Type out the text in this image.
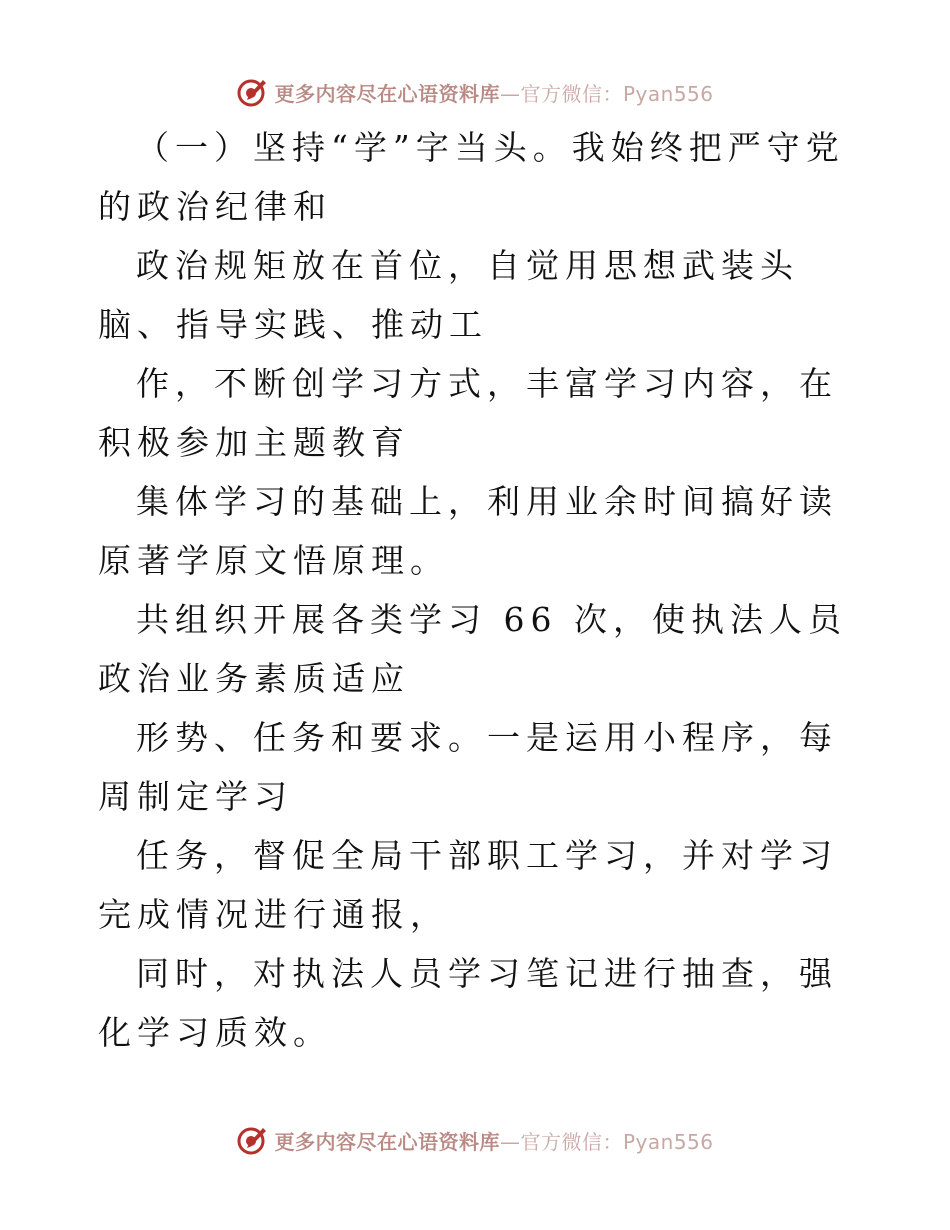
更多内容尽在心语资料库—官方微信：Pyan556

（一）坚持“学”字当头。我始终把严守党的政治纪律和

政治规矩放在首位，自觉用思想武装头脑、指导实践、推动工

作，不断创学习方式，丰富学习内容，在积极参加主题教育

集体学习的基础上，利用业余时间搞好读原著学原文悟原理。

共组织开展各类学习 66 次，使执法人员政治业务素质适应

形势、任务和要求。一是运用小程序，每周制定学习

任务，督促全局干部职工学习，并对学习完成情况进行通报，

同时，对执法人员学习笔记进行抽查，强化学习质效。

更多内容尽在心语资料库—官方微信：Pyan556
